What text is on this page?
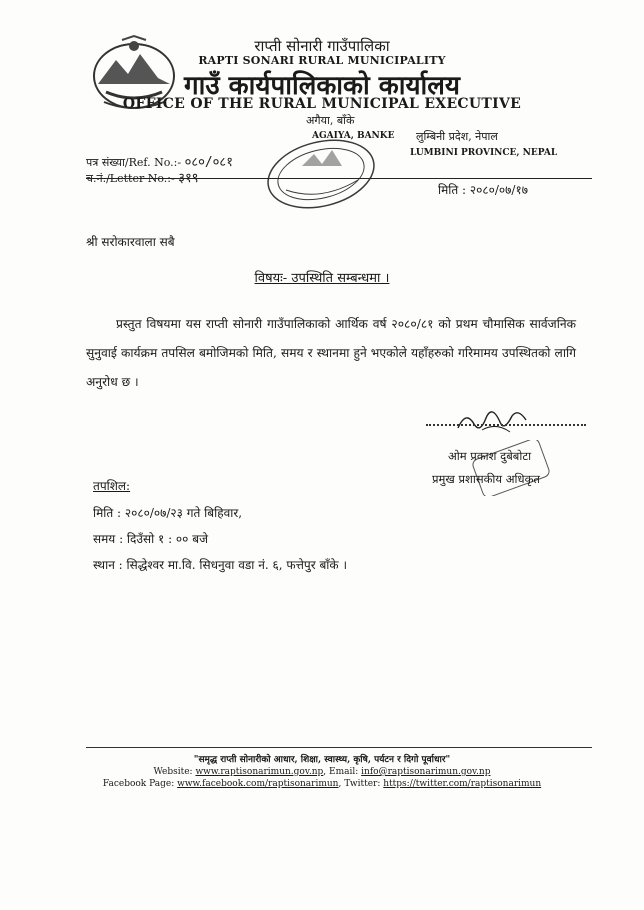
राप्ती सोनारी गाउँपालिका
RAPTI SONARI RURAL MUNICIPALITY
गाउँ कार्यपालिकाको कार्यालय
OFFICE OF THE RURAL MUNICIPAL EXECUTIVE
अगैया, बाँके
AGAIYA, BANKE लुम्बिनी प्रदेश, नेपाल
LUMBINI PROVINCE, NEPAL
पत्र संख्या/Ref. No.:- ०८०/०८१
च.नं./Letter No.:- ३१९
मिति : २०८०/०७/१७
श्री सरोकारवाला सबै
विषयः- उपस्थिति सम्बन्धमा ।
प्रस्तुत विषयमा यस राप्ती सोनारी गाउँपालिकाको आर्थिक वर्ष २०८०/८१ को प्रथम चौमासिक सार्वजनिक सुनुवाई कार्यक्रम तपसिल बमोजिमको मिति, समय र स्थानमा हुने भएकोले यहाँहरुको गरिमामय उपस्थितको लागि अनुरोध छ ।
ओम प्रकाश दुबेबोटा
प्रमुख प्रशासकीय अधिकृत
तपशिल:
मिति : २०८०/०७/२३ गते बिहिवार,
समय : दिउँसो १ : ०० बजे
स्थान : सिद्धेश्वर मा.वि. सिधनुवा वडा नं. ६, फत्तेपुर बाँके ।
"समृद्ध राप्ती सोनारीको आधार, शिक्षा, स्वास्थ्य, कृषि, पर्यटन र दिगो पूर्वाधार"
Website: www.raptisonarimun.gov.np, Email: info@raptisonarimun.gov.np
Facebook Page: www.facebook.com/raptisonarimun, Twitter: https://twitter.com/raptisonarimun
